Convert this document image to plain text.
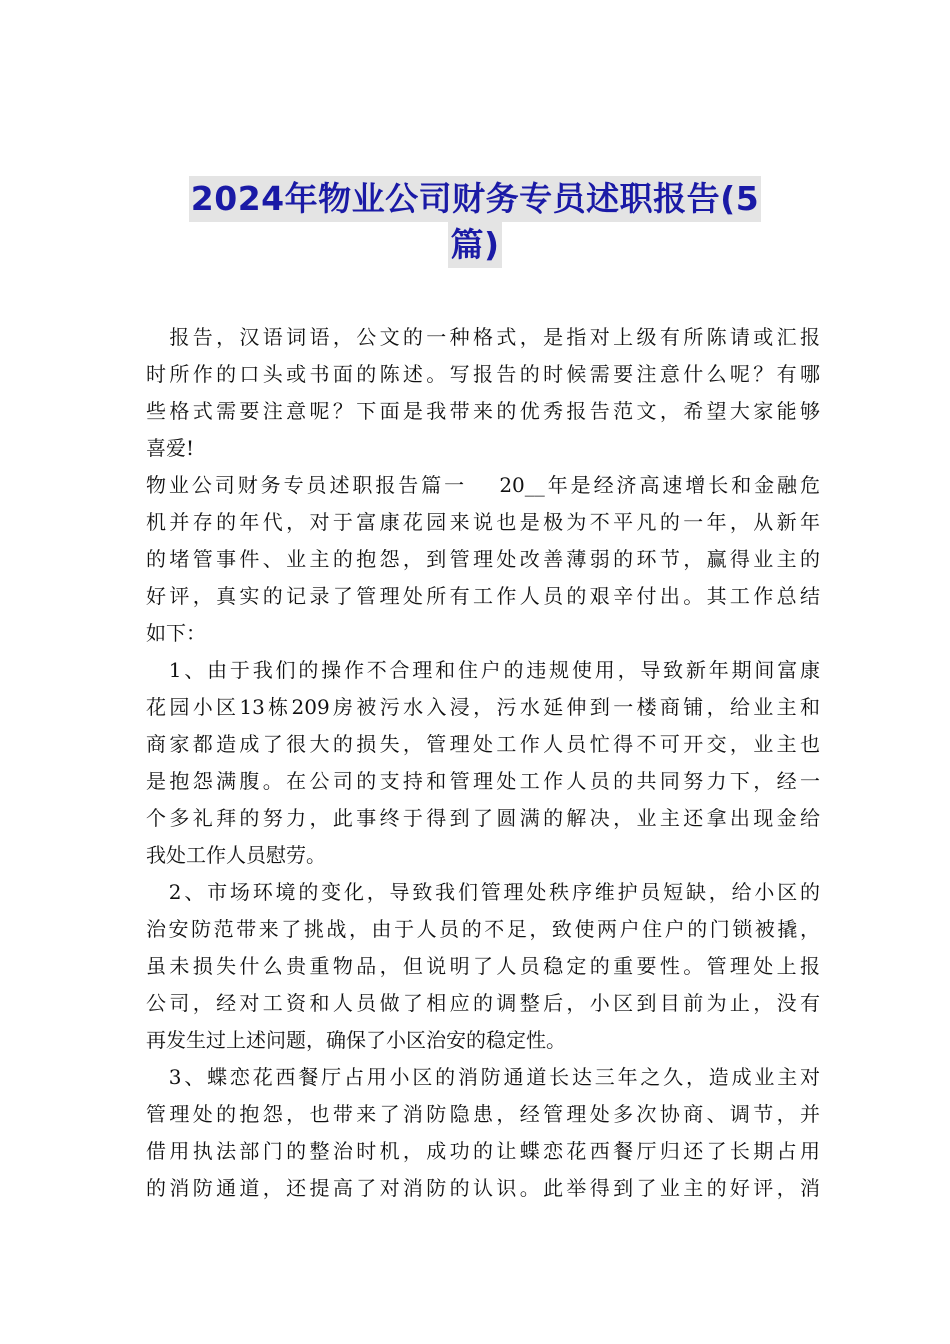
2024年物业公司财务专员述职报告(5
篇)
　报告，汉语词语，公文的一种格式，是指对上级有所陈请或汇报
时所作的口头或书面的陈述。写报告的时候需要注意什么呢？有哪
些格式需要注意呢？下面是我带来的优秀报告范文，希望大家能够
喜爱!
物业公司财务专员述职报告篇一　 20__年是经济高速增长和金融危
机并存的年代，对于富康花园来说也是极为不平凡的一年，从新年
的堵管事件、业主的抱怨，到管理处改善薄弱的环节，赢得业主的
好评，真实的记录了管理处所有工作人员的艰辛付出。其工作总结
如下：
　1、由于我们的操作不合理和住户的违规使用，导致新年期间富康
花园小区13栋209房被污水入浸，污水延伸到一楼商铺，给业主和
商家都造成了很大的损失，管理处工作人员忙得不可开交，业主也
是抱怨满腹。在公司的支持和管理处工作人员的共同努力下，经一
个多礼拜的努力，此事终于得到了圆满的解决，业主还拿出现金给
我处工作人员慰劳。
　2、市场环境的变化，导致我们管理处秩序维护员短缺，给小区的
治安防范带来了挑战，由于人员的不足，致使两户住户的门锁被撬，
虽未损失什么贵重物品，但说明了人员稳定的重要性。管理处上报
公司，经对工资和人员做了相应的调整后，小区到目前为止，没有
再发生过上述问题，确保了小区治安的稳定性。
　3、蝶恋花西餐厅占用小区的消防通道长达三年之久，造成业主对
管理处的抱怨，也带来了消防隐患，经管理处多次协商、调节，并
借用执法部门的整治时机，成功的让蝶恋花西餐厅归还了长期占用
的消防通道，还提高了对消防的认识。此举得到了业主的好评，消
